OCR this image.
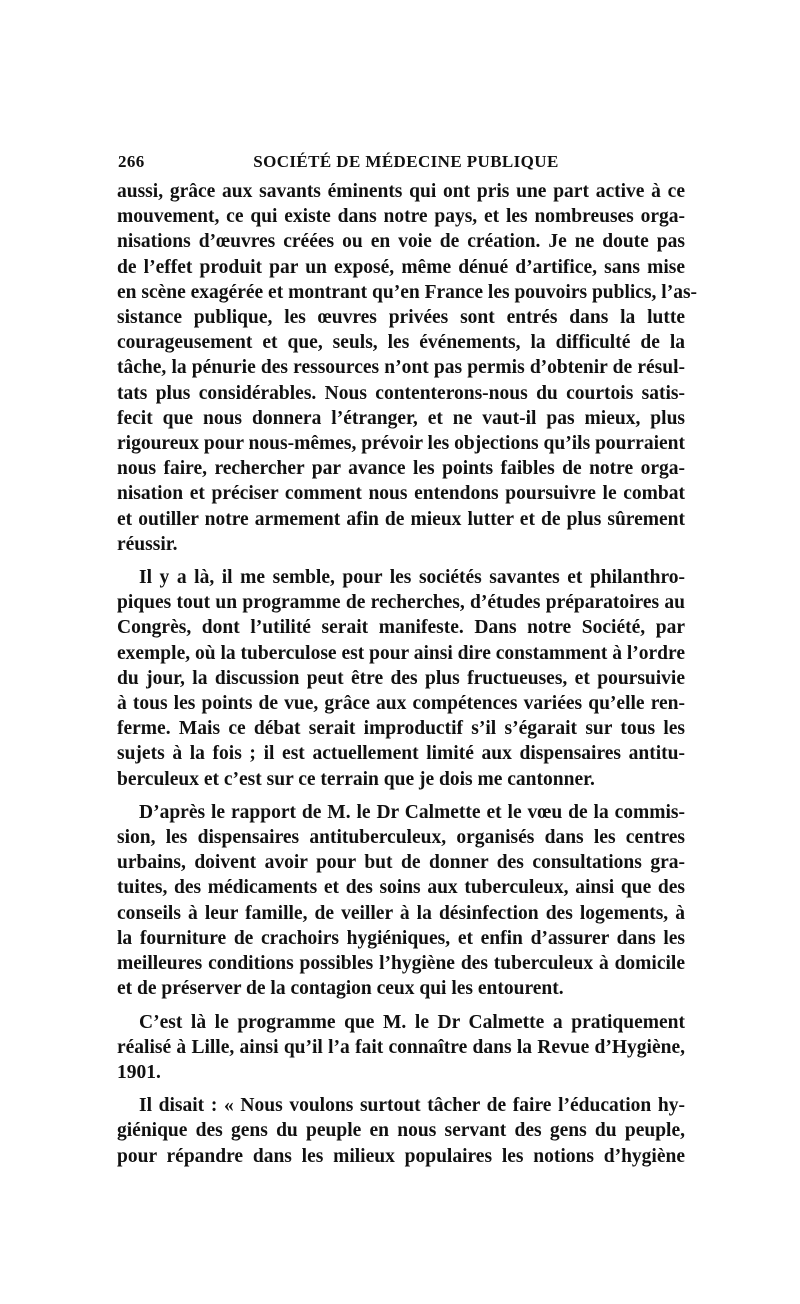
266	SOCIÉTÉ DE MÉDECINE PUBLIQUE
aussi, grâce aux savants éminents qui ont pris une part active à ce
mouvement, ce qui existe dans notre pays, et les nombreuses orga-
nisations d’œuvres créées ou en voie de création. Je ne doute pas
de l’effet produit par un exposé, même dénué d’artifice, sans mise
en scène exagérée et montrant qu’en France les pouvoirs publics, l’as-
sistance publique, les œuvres privées sont entrés dans la lutte
courageusement et que, seuls, les événements, la difficulté de la
tâche, la pénurie des ressources n’ont pas permis d’obtenir de résul-
tats plus considérables. Nous contenterons-nous du courtois satis-
fecit que nous donnera l’étranger, et ne vaut-il pas mieux, plus
rigoureux pour nous-mêmes, prévoir les objections qu’ils pourraient
nous faire, rechercher par avance les points faibles de notre orga-
nisation et préciser comment nous entendons poursuivre le combat
et outiller notre armement afin de mieux lutter et de plus sûrement
réussir.
Il y a là, il me semble, pour les sociétés savantes et philanthro-
piques tout un programme de recherches, d’études préparatoires au
Congrès, dont l’utilité serait manifeste. Dans notre Société, par
exemple, où la tuberculose est pour ainsi dire constamment à l’ordre
du jour, la discussion peut être des plus fructueuses, et poursuivie
à tous les points de vue, grâce aux compétences variées qu’elle ren-
ferme. Mais ce débat serait improductif s’il s’égarait sur tous les
sujets à la fois ; il est actuellement limité aux dispensaires antitu-
berculeux et c’est sur ce terrain que je dois me cantonner.
D’après le rapport de M. le Dr Calmette et le vœu de la commis-
sion, les dispensaires antituberculeux, organisés dans les centres
urbains, doivent avoir pour but de donner des consultations gra-
tuites, des médicaments et des soins aux tuberculeux, ainsi que des
conseils à leur famille, de veiller à la désinfection des logements, à
la fourniture de crachoirs hygiéniques, et enfin d’assurer dans les
meilleures conditions possibles l’hygiène des tuberculeux à domicile
et de préserver de la contagion ceux qui les entourent.
C’est là le programme que M. le Dr Calmette a pratiquement
réalisé à Lille, ainsi qu’il l’a fait connaître dans la Revue d’Hygiène,
1901.
Il disait : « Nous voulons surtout tâcher de faire l’éducation hy-
giénique des gens du peuple en nous servant des gens du peuple,
pour répandre dans les milieux populaires les notions d’hygiène
